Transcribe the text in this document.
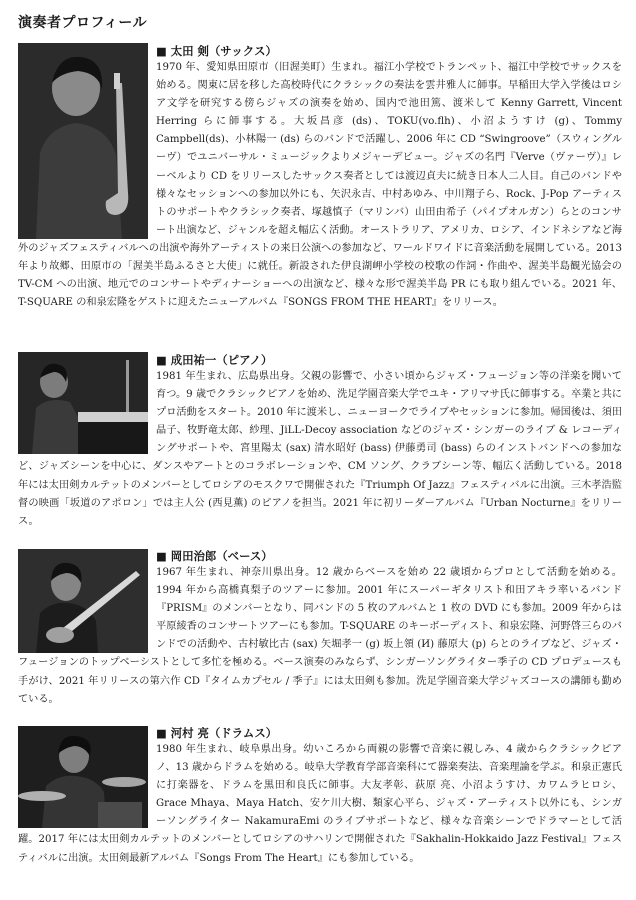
演奏者プロフィール
■ 太田 剣（サックス）

1970 年、愛知県田原市（旧渥美町）生まれ。福江小学校でトランペット、福江中学校でサックスを始める。関東に居を移した高校時代にクラシックの奏法を雲井雅人に師事。早稲田大学入学後はロシア文学を研究する傍らジャズの演奏を始め、国内で池田篤、渡米して Kenny Garrett, Vincent Herring らに師事する。大坂昌彦 (ds)、TOKU(vo.flh)、小沼ようすけ (g)、Tommy Campbell(ds)、小林陽一 (ds) らのバンドで活躍し、2006 年に CD “Swingroove”（スウィングルーヴ）でユニバーサル・ミュージックよりメジャーデビュー。ジャズの名門『Verve（ヴァーヴ）』レーベルより CD をリリースしたサックス奏者としては渡辺貞夫に続き日本人二人目。自己のバンドや様々なセッションへの参加以外にも、矢沢永吉、中村あゆみ、中川翔子ら、Rock、J-Pop アーティストのサポートやクラシック奏者、塚越慎子（マリンバ）山田由希子（パイプオルガン）らとのコンサート出演など、ジャンルを超え幅広く活動。オーストラリア、アメリカ、ロシア、インドネシアなど海外のジャズフェスティバルへの出演や海外アーティストの来日公演への参加など、ワールドワイドに音楽活動を展開している。2013 年より故郷、田原市の「渥美半島ふるさと大使」に就任。新設された伊良湖岬小学校の校歌の作詞・作曲や、渥美半島観光協会の TV-CM への出演、地元でのコンサートやディナーショーへの出演など、様々な形で渥美半島 PR にも取り組んでいる。2021 年、T-SQUARE の和泉宏隆をゲストに迎えたニューアルバム『SONGS FROM THE HEART』をリリース。

■ 成田祐一（ピアノ）

1981 年生まれ、広島県出身。父親の影響で、小さい頃からジャズ・フュージョン等の洋楽を聞いて育つ。9 歳でクラシックピアノを始め、洗足学園音楽大学でユキ・アリマサ氏に師事する。卒業と共にプロ活動をスタート。2010 年に渡米し、ニューヨークでライブやセッションに参加。帰国後は、須田晶子、牧野竜太郎、紗理、JiLL-Decoy association などのジャズ・シンガーのライブ & レコーディングサポートや、宮里陽太 (sax) 清水昭好 (bass) 伊藤勇司 (bass) らのインストバンドへの参加など、ジャズシーンを中心に、ダンスやアートとのコラボレーションや、CM ソング、クラブシーン等、幅広く活動している。2018 年には太田剣カルテットのメンバーとしてロシアのモスクワで開催された『Triumph Of Jazz』フェスティバルに出演。三木孝浩監督の映画「坂道のアポロン」では主人公 (西見薫) のピアノを担当。2021 年に初リーダーアルバム『Urban Nocturne』をリリース。

■ 岡田治郎（ベース）

1967 年生まれ、神奈川県出身。12 歳からベースを始め 22 歳頃からプロとして活動を始める。1994 年から高橋真梨子のツアーに参加。2001 年にスーパーギタリスト和田アキラ率いるバンド『PRISM』のメンバーとなり、同バンドの 5 枚のアルバムと 1 枚の DVD にも参加。2009 年からは平原綾香のコンサートツアーにも参加。T-SQUARE のキーボーディスト、和泉宏隆、河野啓三らのバンドでの活動や、古村敏比古 (sax) 矢堀孝一 (g) 坂上領 (И) 藤原大 (p) らとのライブなど、ジャズ・フュージョンのトップベーシストとして多忙を極める。ベース演奏のみならず、シンガーソングライター季子の CD プロデュースも手がけ、2021 年リリースの第六作 CD『タイムカプセル / 季子』には太田剣も参加。洗足学園音楽大学ジャズコースの講師も勤めている。

■ 河村 亮（ドラムス）

1980 年生まれ、岐阜県出身。幼いころから両親の影響で音楽に親しみ、4 歳からクラシックピアノ、13 歳からドラムを始める。岐阜大学教育学部音楽科にて器楽奏法、音楽理論を学ぶ。和泉正憲氏に打楽器を、ドラムを黒田和良氏に師事。大友孝彰、荻原 亮、小沼ようすけ、カワムラヒロシ、Grace Mhaya、Maya Hatch、安ケ川大樹、類家心平ら、ジャズ・アーティスト以外にも、シンガーソングライター NakamuraEmi のライブサポートなど、様々な音楽シーンでドラマーとして活躍。2017 年には太田剣カルテットのメンバーとしてロシアのサハリンで開催された『Sakhalin-Hokkaido Jazz Festival』フェスティバルに出演。太田剣最新アルバム『Songs From The Heart』にも参加している。
